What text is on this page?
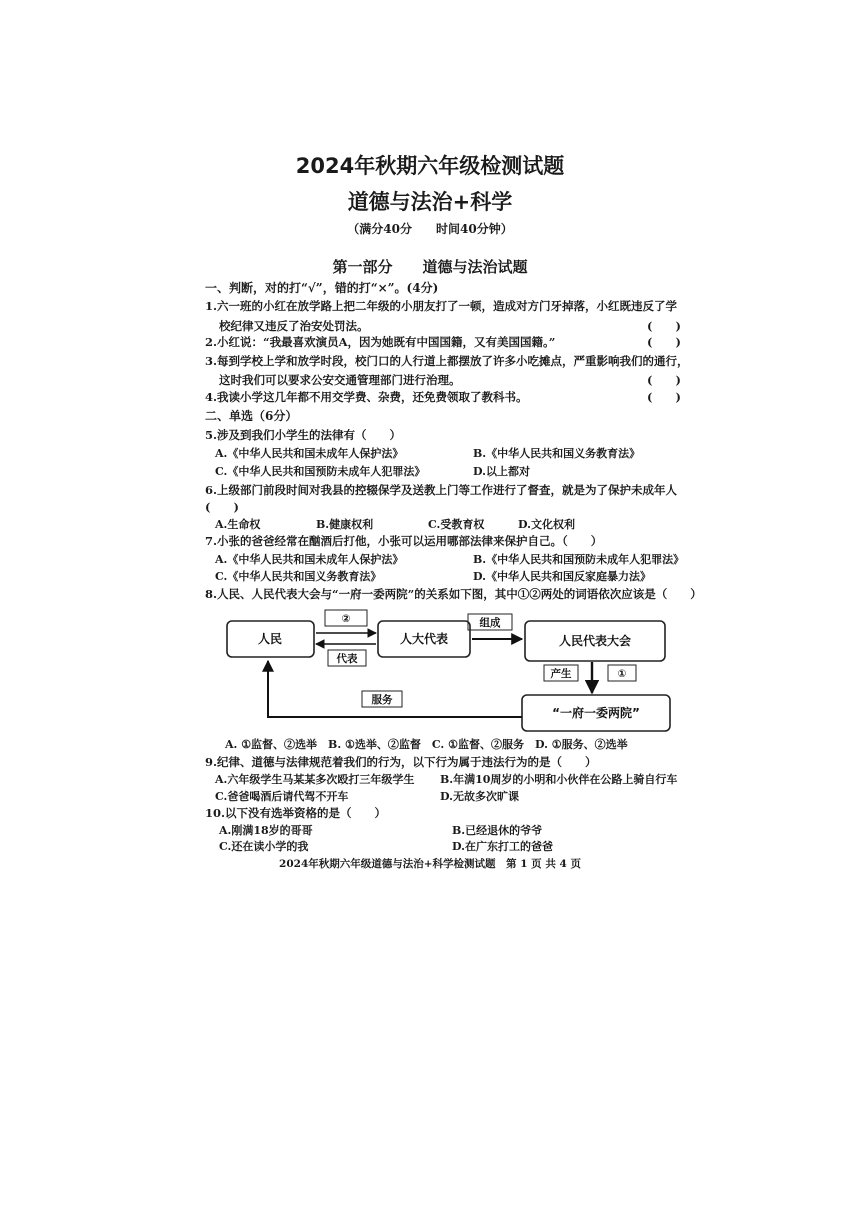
2024年秋期六年级检测试题
道德与法治+科学
（满分40分　　时间40分钟）
第一部分　　道德与法治试题
一、判断，对的打“√”，错的打“×”。(4分)
1.六一班的小红在放学路上把二年级的小朋友打了一顿，造成对方门牙掉落，小红既违反了学
校纪律又违反了治安处罚法。	(　　)
2.小红说：“我最喜欢演员A，因为她既有中国国籍，又有美国国籍。”	(　　)
3.每到学校上学和放学时段，校门口的人行道上都摆放了许多小吃摊点，严重影响我们的通行，
这时我们可以要求公安交通管理部门进行治理。	(　　)
4.我读小学这几年都不用交学费、杂费，还免费领取了教科书。	(　　)
二、单选（6分）
5.涉及到我们小学生的法律有（　　）
A.《中华人民共和国未成年人保护法》	B.《中华人民共和国义务教育法》
C.《中华人民共和国预防未成年人犯罪法》	D.以上都对
6.上级部门前段时间对我县的控辍保学及送教上门等工作进行了督查，就是为了保护未成年人
(　　)
A.生命权	B.健康权利	C.受教育权	D.文化权利
7.小张的爸爸经常在酗酒后打他，小张可以运用哪部法律来保护自己。（　　）
A.《中华人民共和国未成年人保护法》	B.《中华人民共和国预防未成年人犯罪法》
C.《中华人民共和国义务教育法》	D.《中华人民共和国反家庭暴力法》
8.人民、人民代表大会与“一府一委两院”的关系如下图，其中①②两处的词语依次应该是（　　）
人民	人大代表	人民代表大会
“一府一委两院”
②
代表
组成
产生	①
服务
A. ①监督、②选举　B. ①选举、②监督　C. ①监督、②服务　D. ①服务、②选举
9.纪律、道德与法律规范着我们的行为，以下行为属于违法行为的是（　　）
A.六年级学生马某某多次殴打三年级学生 B.年满10周岁的小明和小伙伴在公路上骑自行车
C.爸爸喝酒后请代驾不开车	D.无故多次旷课
10.以下没有选举资格的是（　　）
A.刚满18岁的哥哥	B.已经退休的爷爷
C.还在读小学的我	D.在广东打工的爸爸
2024年秋期六年级道德与法治+科学检测试题　第 1 页 共 4 页
